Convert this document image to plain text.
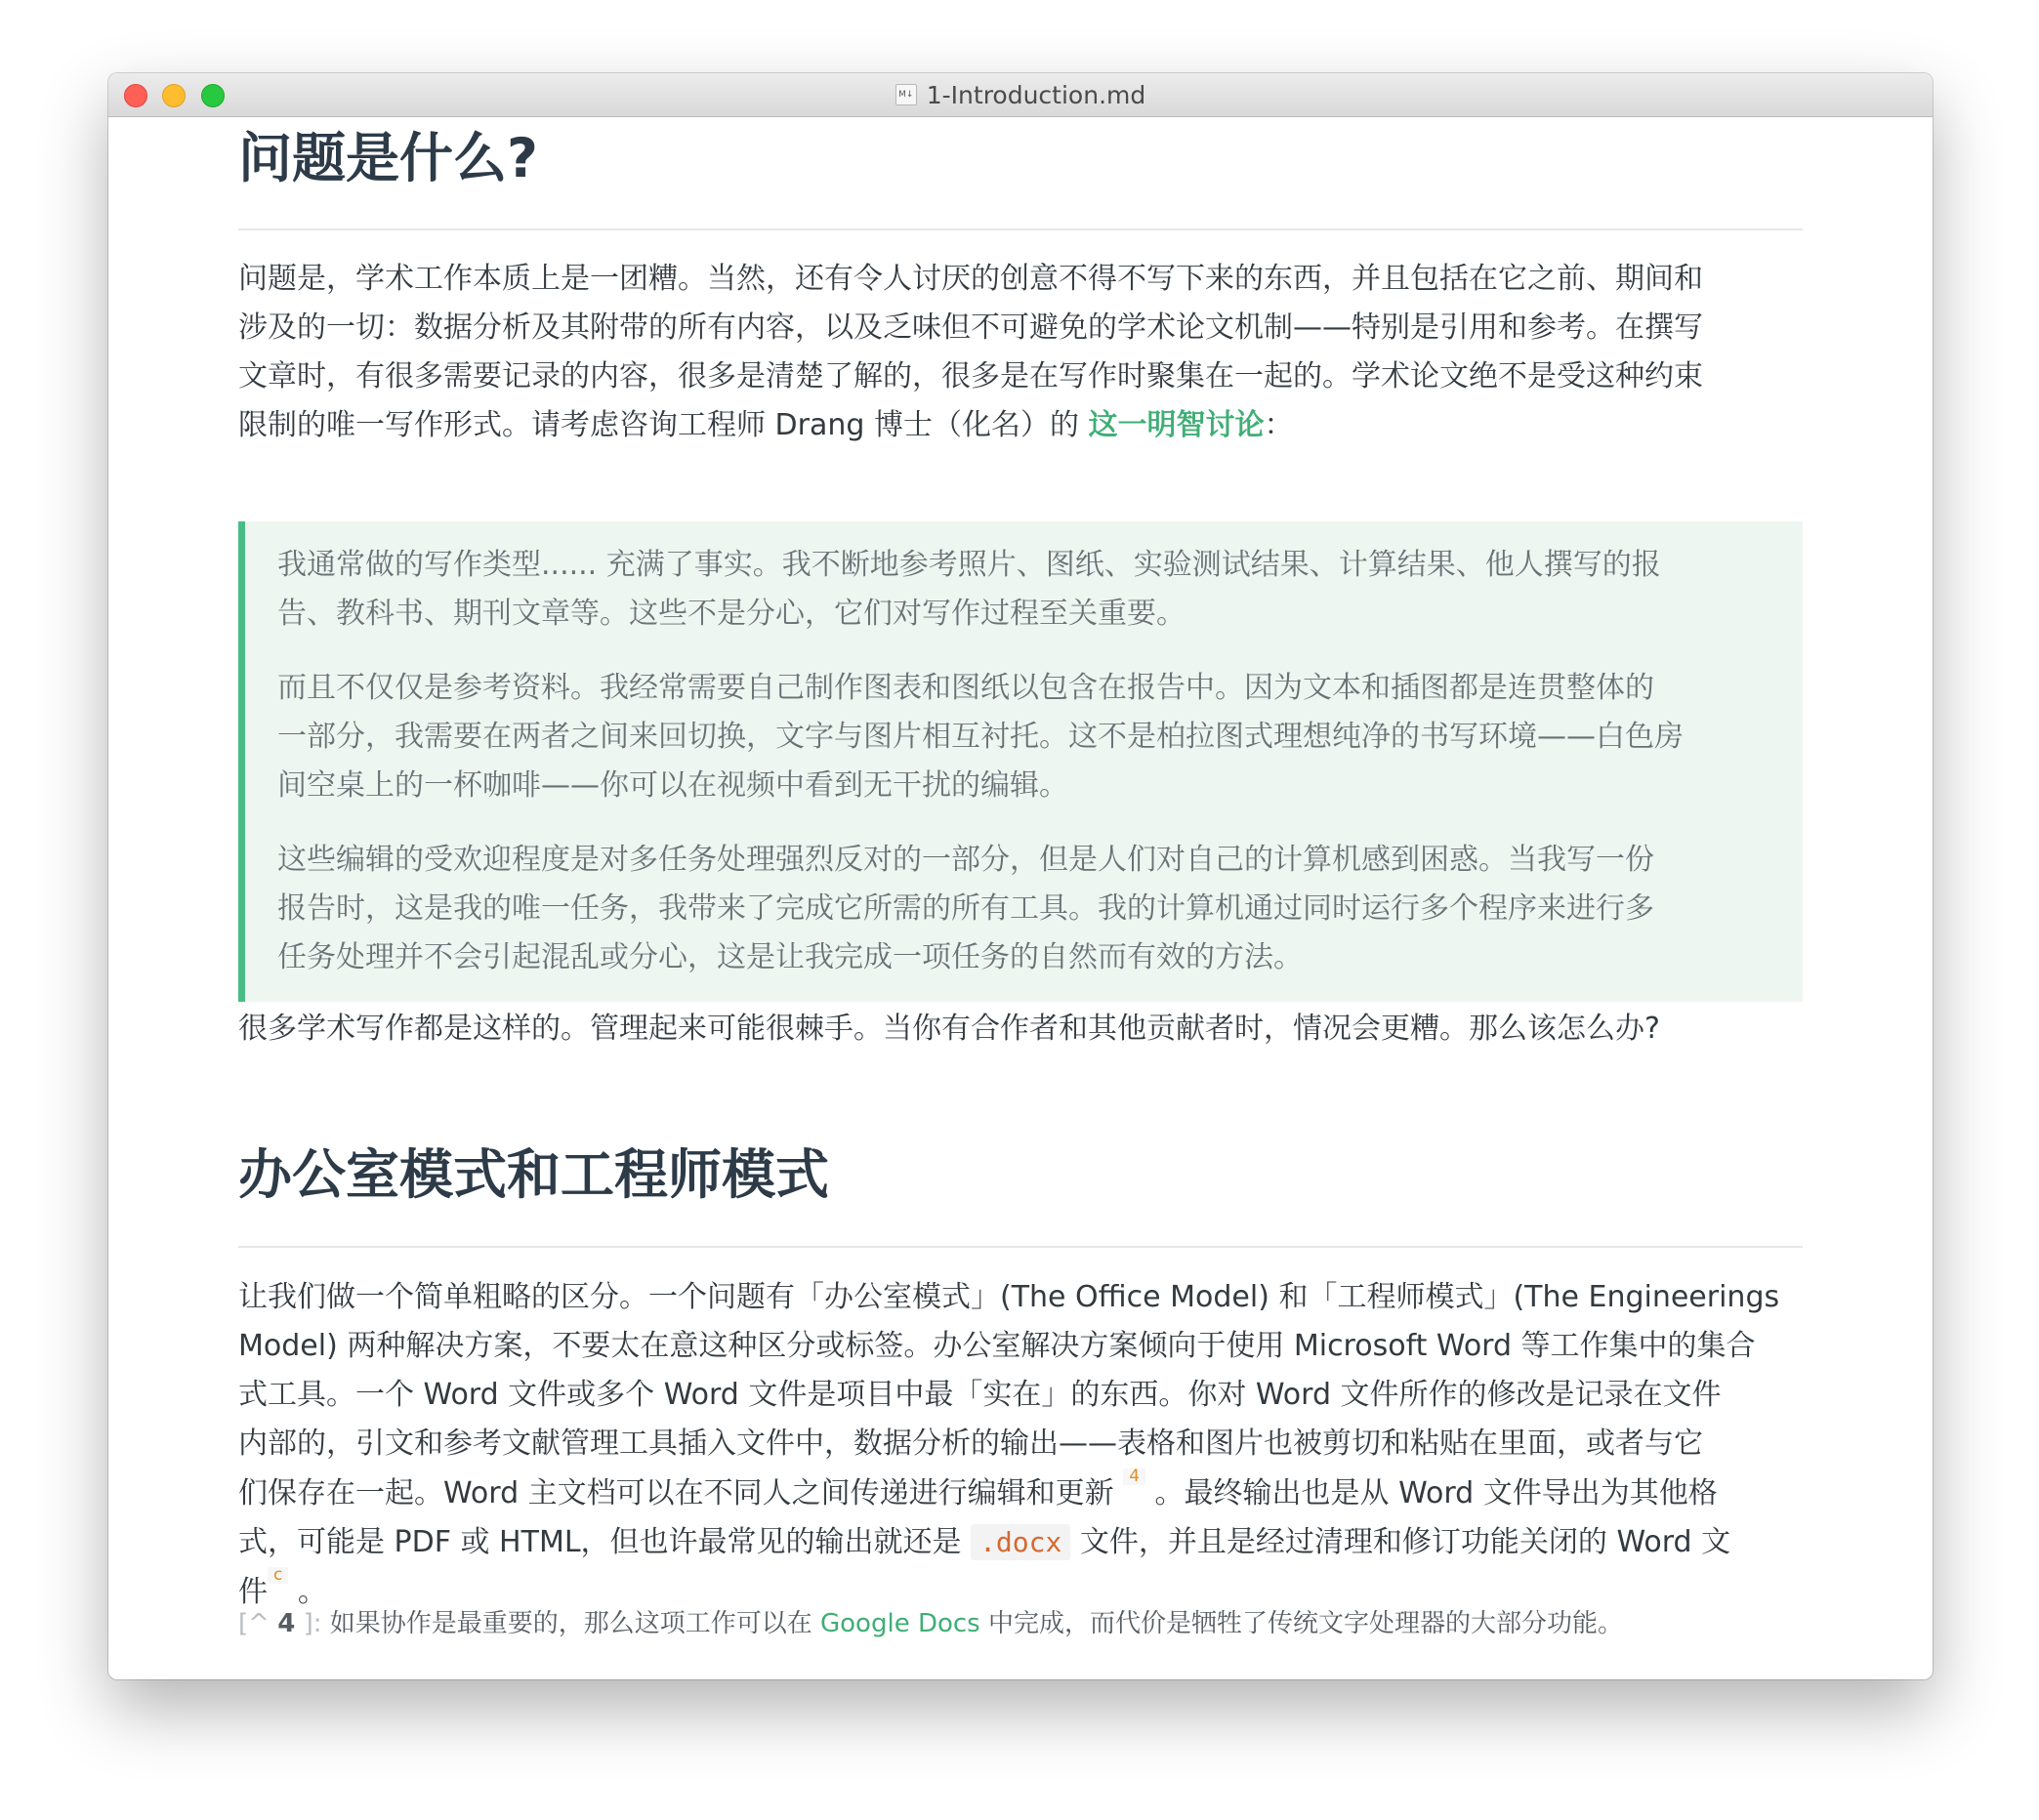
M↓ 1-Introduction.md
问题是什么?

问题是，学术工作本质上是一团糟。当然，还有令人讨厌的创意不得不写下来的东西，并且包括在它之前、期间和

涉及的一切：数据分析及其附带的所有内容，以及乏味但不可避免的学术论文机制——特别是引用和参考。在撰写

文章时，有很多需要记录的内容，很多是清楚了解的，很多是在写作时聚集在一起的。学术论文绝不是受这种约束

限制的唯一写作形式。请考虑咨询工程师 Drang 博士（化名）的 这一明智讨论：

我通常做的写作类型...... 充满了事实。我不断地参考照片、图纸、实验测试结果、计算结果、他人撰写的报

告、教科书、期刊文章等。这些不是分心，它们对写作过程至关重要。

而且不仅仅是参考资料。我经常需要自己制作图表和图纸以包含在报告中。因为文本和插图都是连贯整体的

一部分，我需要在两者之间来回切换，文字与图片相互衬托。这不是柏拉图式理想纯净的书写环境——白色房

间空桌上的一杯咖啡——你可以在视频中看到无干扰的编辑。

这些编辑的受欢迎程度是对多任务处理强烈反对的一部分，但是人们对自己的计算机感到困惑。当我写一份

报告时，这是我的唯一任务，我带来了完成它所需的所有工具。我的计算机通过同时运行多个程序来进行多

任务处理并不会引起混乱或分心，这是让我完成一项任务的自然而有效的方法。

很多学术写作都是这样的。管理起来可能很棘手。当你有合作者和其他贡献者时，情况会更糟。那么该怎么办?

办公室模式和工程师模式

让我们做一个简单粗略的区分。一个问题有「办公室模式」(The Office Model) 和「工程师模式」(The Engineerings

Model) 两种解决方案，不要太在意这种区分或标签。办公室解决方案倾向于使用 Microsoft Word 等工作集中的集合

式工具。一个 Word 文件或多个 Word 文件是项目中最「实在」的东西。你对 Word 文件所作的修改是记录在文件

内部的，引文和参考文献管理工具插入文件中，数据分析的输出——表格和图片也被剪切和粘贴在里面，或者与它

们保存在一起。Word 主文档可以在不同人之间传递进行编辑和更新 4 。最终输出也是从 Word 文件导出为其他格

式，可能是 PDF 或 HTML，但也许最常见的输出就还是 .docx 文件，并且是经过清理和修订功能关闭的 Word 文

件 c 。

[^ 4 ]: 如果协作是最重要的，那么这项工作可以在 Google Docs 中完成，而代价是牺牲了传统文字处理器的大部分功能。
